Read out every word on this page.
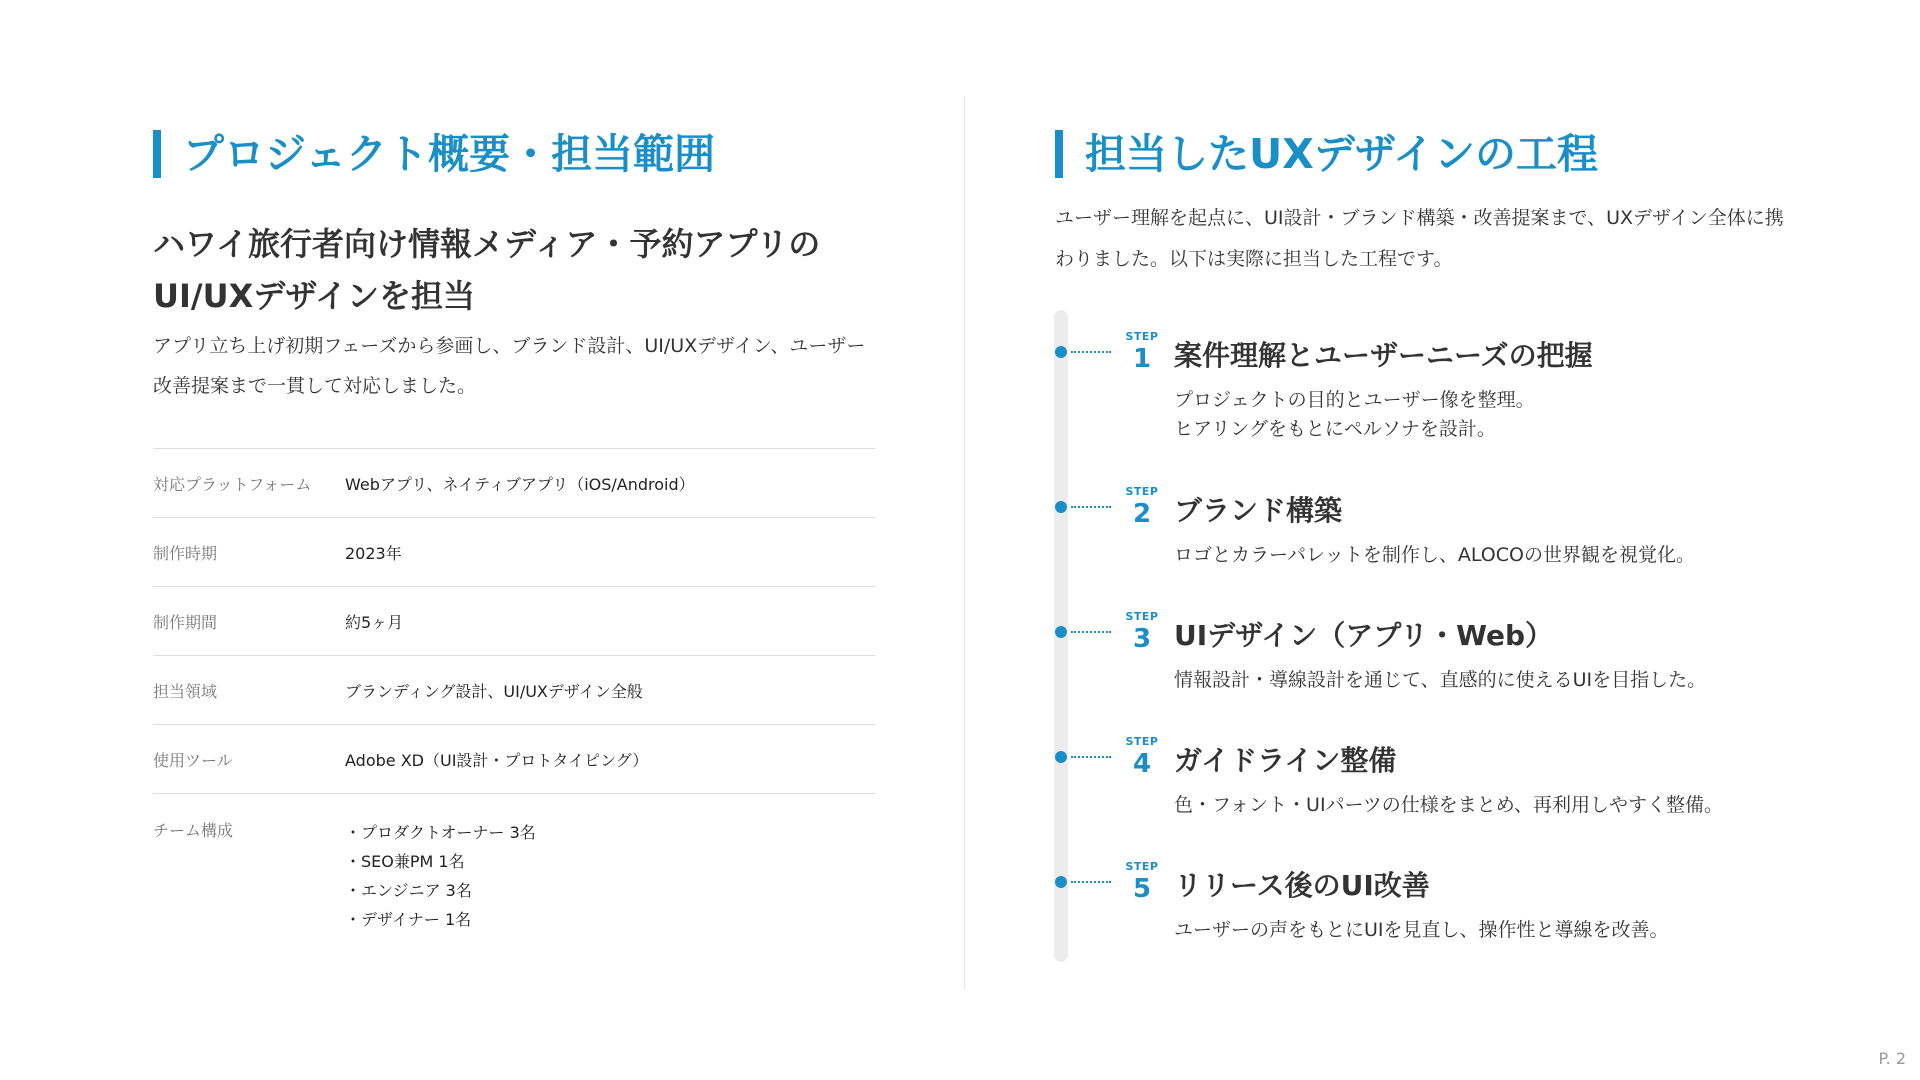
プロジェクト概要・担当範囲
ハワイ旅行者向け情報メディア・予約アプリの
UI/UXデザインを担当

アプリ立ち上げ初期フェーズから参画し、ブランド設計、UI/UXデザイン、ユーザー改善提案まで一貫して対応しました。

対応プラットフォーム	Webアプリ、ネイティブアプリ（iOS/Android）
制作時期	2023年
制作期間	約5ヶ月
担当領域	ブランディング設計、UI/UXデザイン全般
使用ツール	Adobe XD（UI設計・プロトタイピング）
チーム構成	・プロダクトオーナー 3名
・SEO兼PM 1名
・エンジニア 3名
・デザイナー 1名
担当したUXデザインの工程

ユーザー理解を起点に、UI設計・ブランド構築・改善提案まで、UXデザイン全体に携わりました。以下は実際に担当した工程です。

STEP
1 案件理解とユーザーニーズの把握

プロジェクトの目的とユーザー像を整理。
ヒアリングをもとにペルソナを設計。

STEP
2 ブランド構築

ロゴとカラーパレットを制作し、ALOCOの世界観を視覚化。

STEP
3 UIデザイン（アプリ・Web）

情報設計・導線設計を通じて、直感的に使えるUIを目指した。

STEP
4 ガイドライン整備

色・フォント・UIパーツの仕様をまとめ、再利用しやすく整備。

STEP
5 リリース後のUI改善

ユーザーの声をもとにUIを見直し、操作性と導線を改善。

P. 2
